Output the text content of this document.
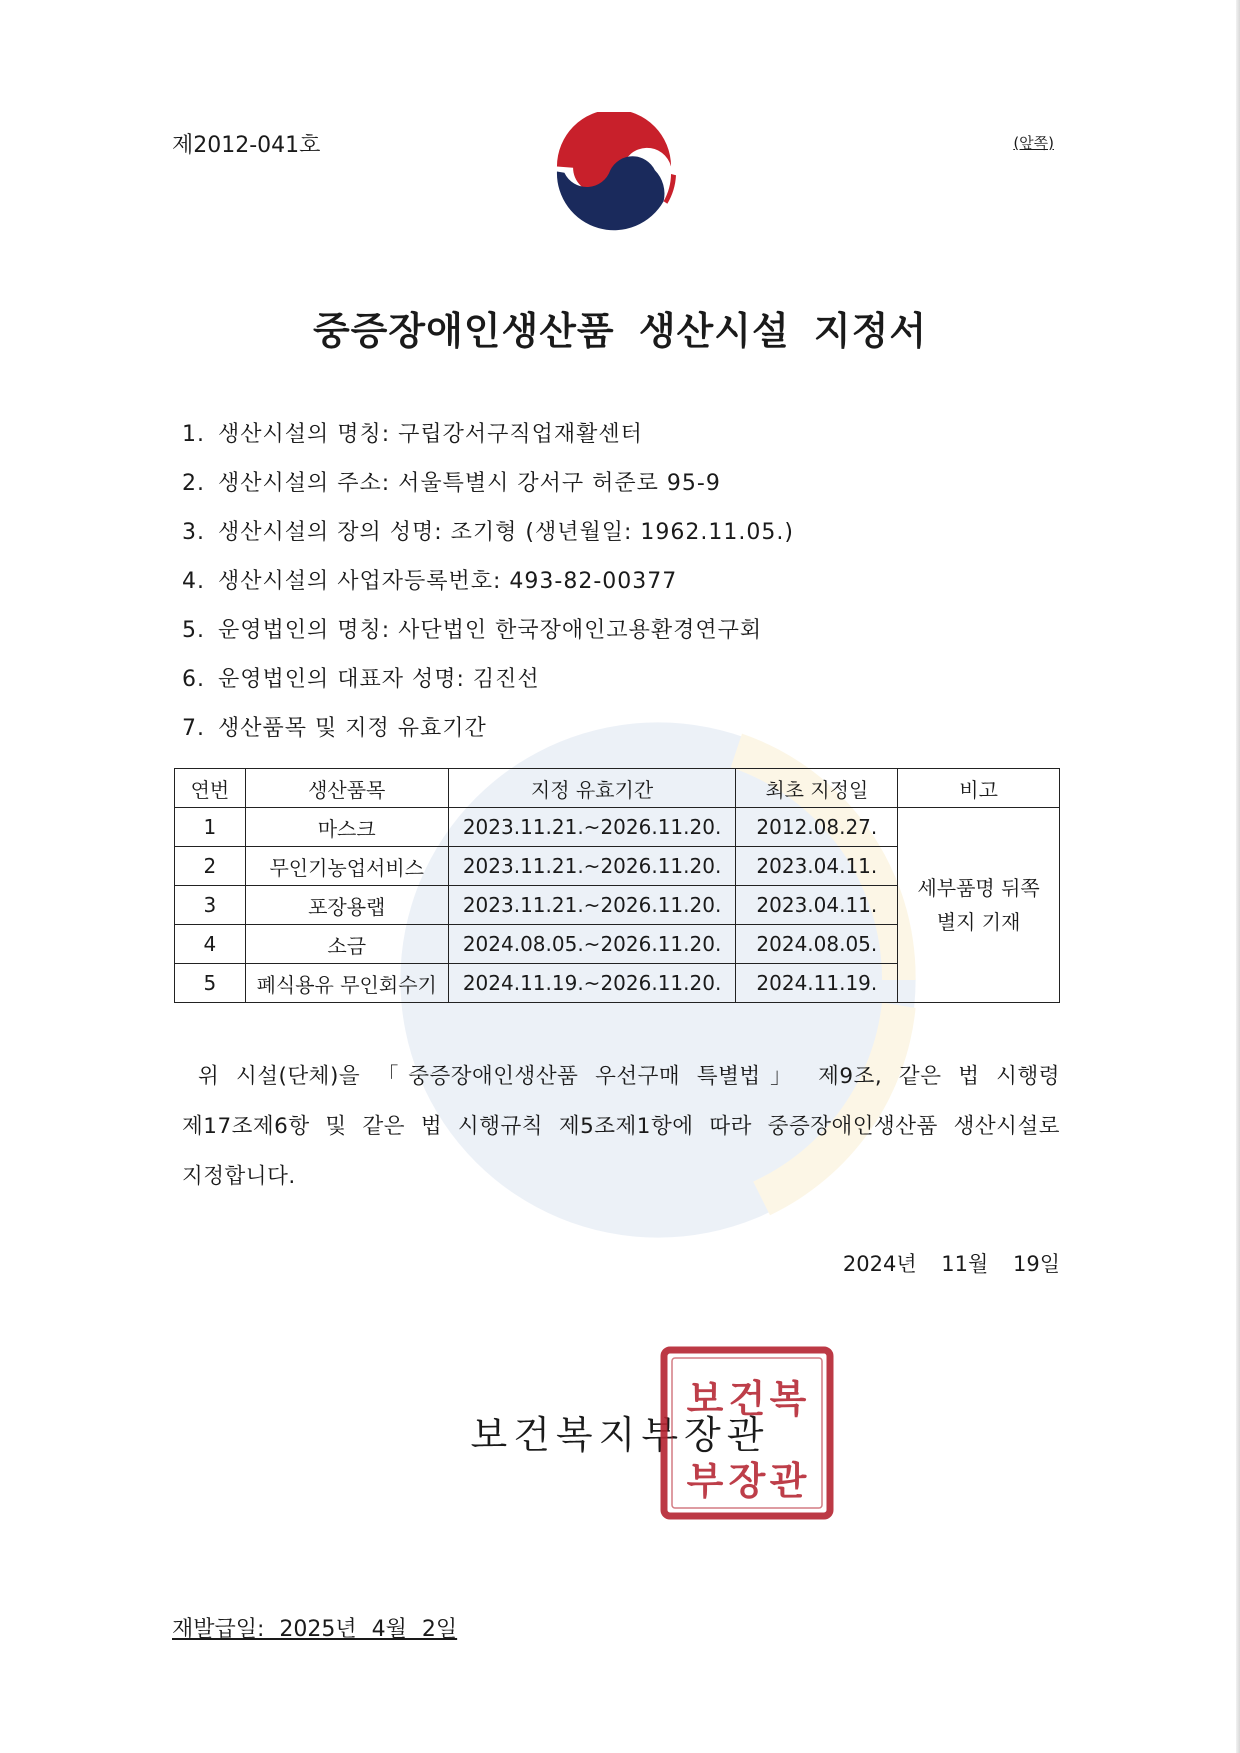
제2012-041호	(앞쪽)
중증장애인생산품 생산시설 지정서
1. 생산시설의 명칭: 구립강서구직업재활센터
2. 생산시설의 주소: 서울특별시 강서구 허준로 95-9
3. 생산시설의 장의 성명: 조기형 (생년월일: 1962.11.05.)
4. 생산시설의 사업자등록번호: 493-82-00377
5. 운영법인의 명칭: 사단법인 한국장애인고용환경연구회
6. 운영법인의 대표자 성명: 김진선
7. 생산품목 및 지정 유효기간
연번	생산품목	지정 유효기간	최초 지정일	비고
1	마스크	2023.11.21.~2026.11.20.	2012.08.27.	세부품명 뒤쪽
별지 기재

2	무인기농업서비스	2023.11.21.~2026.11.20.	2023.04.11.	
3	포장용랩	2023.11.21.~2026.11.20.	2023.04.11.	
4	소금	2024.08.05.~2026.11.20.	2024.08.05.	
5	폐식용유 무인회수기	2024.11.19.~2026.11.20.	2024.11.19.	

위 시설(단체)을 「중증장애인생산품 우선구매 특별법」 제9조, 같은 법 시행령

제17조제6항 및 같은 법 시행규칙 제5조제1항에 따라 중증장애인생산품 생산시설로

지정합니다.

2024년 11월 19일
보건복지부장관
보 건 복
부 장 관
재발급일: 2025년 4월 2일
